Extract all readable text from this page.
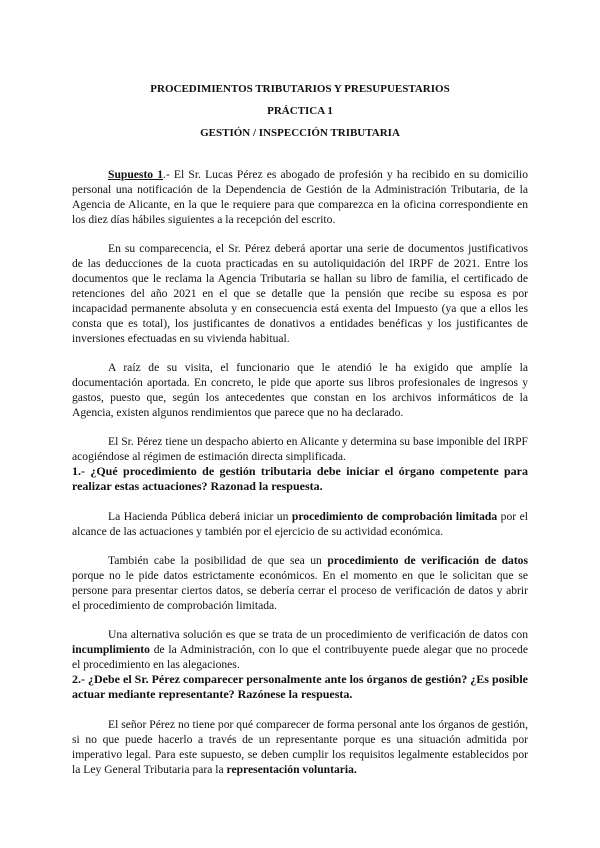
PROCEDIMIENTOS TRIBUTARIOS Y PRESUPUESTARIOS

PRÁCTICA 1

GESTIÓN / INSPECCIÓN TRIBUTARIA

Supuesto 1.- El Sr. Lucas Pérez es abogado de profesión y ha recibido en su domicilio personal una notificación de la Dependencia de Gestión de la Administración Tributaria, de la Agencia de Alicante, en la que le requiere para que comparezca en la oficina correspondiente en los diez días hábiles siguientes a la recepción del escrito.

En su comparecencia, el Sr. Pérez deberá aportar una serie de documentos justificativos de las deducciones de la cuota practicadas en su autoliquidación del IRPF de 2021. Entre los documentos que le reclama la Agencia Tributaria se hallan su libro de familia, el certificado de retenciones del año 2021 en el que se detalle que la pensión que recibe su esposa es por incapacidad permanente absoluta y en consecuencia está exenta del Impuesto (ya que a ellos les consta que es total), los justificantes de donativos a entidades benéficas y los justificantes de inversiones efectuadas en su vivienda habitual.

A raíz de su visita, el funcionario que le atendió le ha exigido que amplíe la documentación aportada. En concreto, le pide que aporte sus libros profesionales de ingresos y gastos, puesto que, según los antecedentes que constan en los archivos informáticos de la Agencia, existen algunos rendimientos que parece que no ha declarado.

El Sr. Pérez tiene un despacho abierto en Alicante y determina su base imponible del IRPF acogiéndose al régimen de estimación directa simplificada.

1.- ¿Qué procedimiento de gestión tributaria debe iniciar el órgano competente para realizar estas actuaciones? Razonad la respuesta.

La Hacienda Pública deberá iniciar un procedimiento de comprobación limitada por el alcance de las actuaciones y también por el ejercicio de su actividad económica.

También cabe la posibilidad de que sea un procedimiento de verificación de datos porque no le pide datos estrictamente económicos. En el momento en que le solicitan que se persone para presentar ciertos datos, se debería cerrar el proceso de verificación de datos y abrir el procedimiento de comprobación limitada.

Una alternativa solución es que se trata de un procedimiento de verificación de datos con incumplimiento de la Administración, con lo que el contribuyente puede alegar que no procede el procedimiento en las alegaciones.

2.- ¿Debe el Sr. Pérez comparecer personalmente ante los órganos de gestión? ¿Es posible actuar mediante representante? Razónese la respuesta.

El señor Pérez no tiene por qué comparecer de forma personal ante los órganos de gestión, si no que puede hacerlo a través de un representante porque es una situación admitida por imperativo legal. Para este supuesto, se deben cumplir los requisitos legalmente establecidos por la Ley General Tributaria para la representación voluntaria.
